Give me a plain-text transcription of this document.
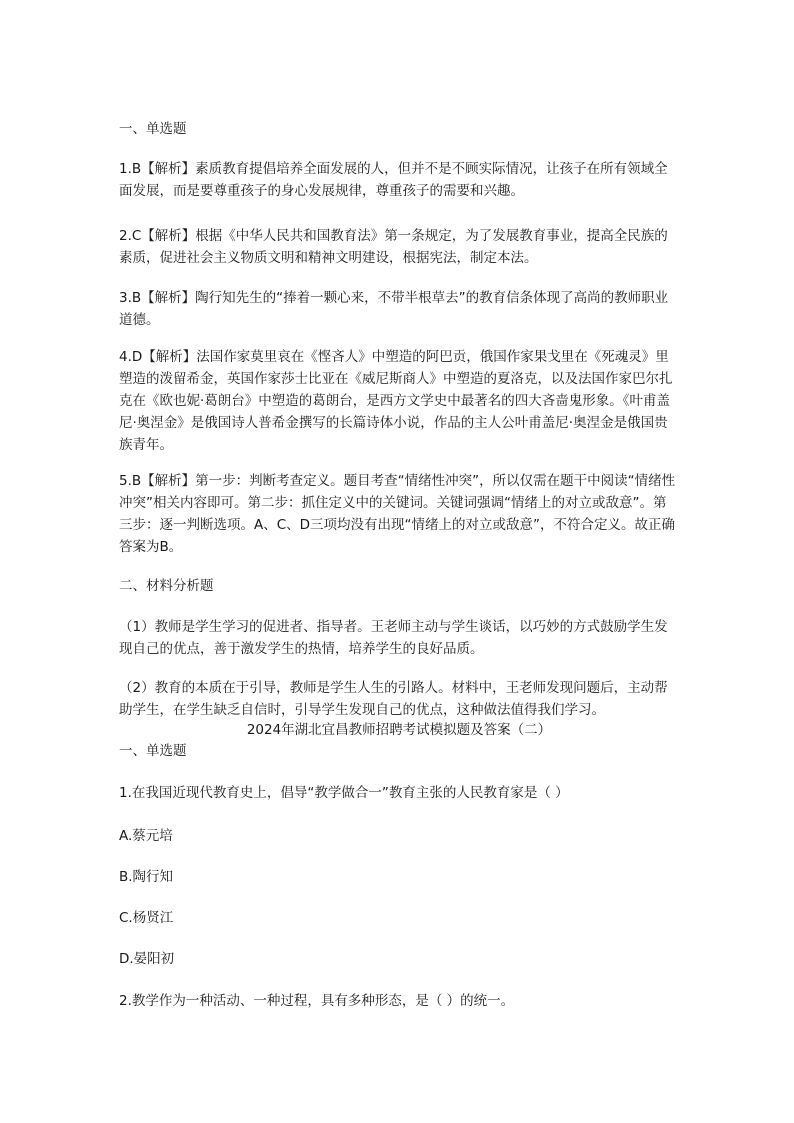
一、单选题

1.B【解析】素质教育提倡培养全面发展的人，但并不是不顾实际情况，让孩子在所有领域全面发展，而是要尊重孩子的身心发展规律，尊重孩子的需要和兴趣。

2.C【解析】根据《中华人民共和国教育法》第一条规定，为了发展教育事业，提高全民族的素质，促进社会主义物质文明和精神文明建设，根据宪法，制定本法。

3.B【解析】陶行知先生的“捧着一颗心来，不带半根草去”的教育信条体现了高尚的教师职业道德。

4.D【解析】法国作家莫里哀在《悭吝人》中塑造的阿巴贡，俄国作家果戈里在《死魂灵》里塑造的泼留希金，英国作家莎士比亚在《威尼斯商人》中塑造的夏洛克，以及法国作家巴尔扎克在《欧也妮·葛朗台》中塑造的葛朗台，是西方文学史中最著名的四大吝啬鬼形象。《叶甫盖尼·奥涅金》是俄国诗人普希金撰写的长篇诗体小说，作品的主人公叶甫盖尼·奥涅金是俄国贵族青年。

5.B【解析】第一步：判断考查定义。题目考查“情绪性冲突”，所以仅需在题干中阅读“情绪性冲突”相关内容即可。第二步：抓住定义中的关键词。关键词强调“情绪上的对立或敌意”。第三步：逐一判断选项。A、C、D三项均没有出现“情绪上的对立或敌意”，不符合定义。故正确答案为B。

二、材料分析题

（1）教师是学生学习的促进者、指导者。王老师主动与学生谈话，以巧妙的方式鼓励学生发现自己的优点，善于激发学生的热情，培养学生的良好品质。

（2）教育的本质在于引导，教师是学生人生的引路人。材料中，王老师发现问题后，主动帮助学生，在学生缺乏自信时，引导学生发现自己的优点，这种做法值得我们学习。

2024年湖北宜昌教师招聘考试模拟题及答案（二）

一、单选题

1.在我国近现代教育史上，倡导“教学做合一”教育主张的人民教育家是（ ）

A.蔡元培

B.陶行知

C.杨贤江

D.晏阳初

2.教学作为一种活动、一种过程，具有多种形态，是（ ）的统一。
